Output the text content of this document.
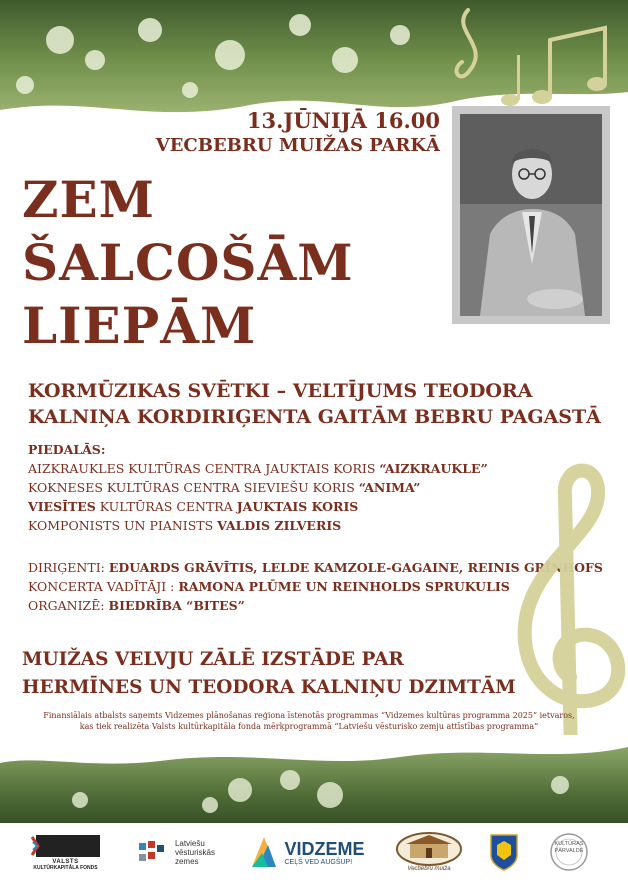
13.JŪNIJĀ 16.00
VECBEBRU MUIŽAS PARKĀ
ZEM
ŠALCOŠĀM
LIEPĀM
KORMŪZIKAS SVĒTKI – VELTĪJUMS TEODORA KALNIŅA KORDIRIĢENTA GAITĀM BEBRU PAGASTĀ
PIEDALĀS:
AIZKRAUKLES KULTŪRAS CENTRA JAUKTAIS KORIS “AIZKRAUKLE”
KOKNESES KULTŪRAS CENTRA SIEVIEŠU KORIS “ANIMA”
VIESĪTES KULTŪRAS CENTRA JAUKTAIS KORIS
KOMPONISTS UN PIANISTS VALDIS ZILVERIS
DIRIĢENTI: EDUARDS GRĀVĪTIS, LELDE KAMZOLE-GAGAINE, REINIS GRĪNHOFS
KONCERTA VADĪTĀJI : RAMONA PLŪME UN REINHOLDS SPRUKULIS
ORGANIZĒ: BIEDRĪBA “BITES”
MUIŽAS VELVJU ZĀLĒ IZSTĀDE PAR
HERMĪNES UN TEODORA KALNIŅU DZIMTĀM
Finansiālais atbalsts saņemts Vidzemes plānošanas reģiona īstenotās programmas “Vidzemes kultūras programma 2025” ietvaros,
kas tiek realizēta Valsts kultūrkapitāla fonda mērķprogrammā “Latviešu vēsturisko zemju attīstības programma”
VALSTS
KULTŪRKAPITĀLA FONDS
Latviešu
vēsturiskās
zemes
VIDZEME
CEĻŠ VED AUGŠUP!
Vecbebru muiža
KULTŪRAS
PĀRVALDE
